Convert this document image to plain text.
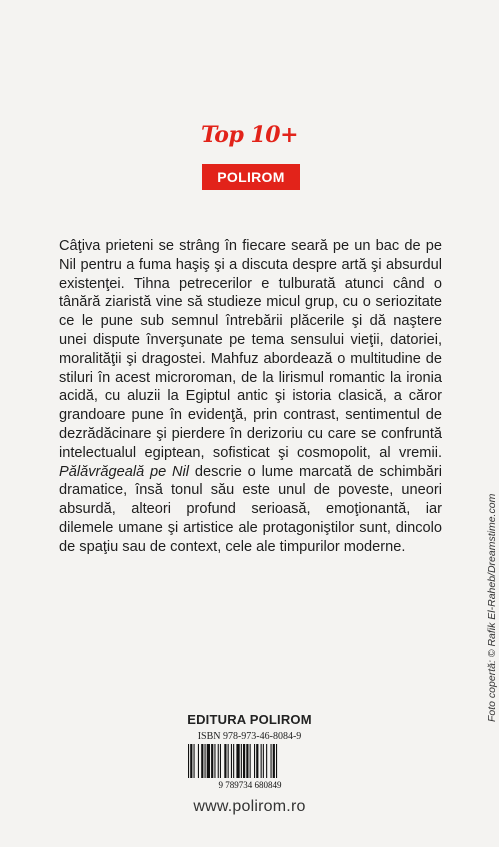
Top 10+
POLIROM

Câţiva prieteni se strâng în fiecare seară pe un bac de pe Nil pentru a fuma haşiş şi a discuta despre artă şi absurdul existenţei. Tihna petrecerilor e tulburată atunci când o tânără ziaristă vine să studieze micul grup, cu o seriozitate ce le pune sub semnul întrebării plăcerile şi dă naştere unei dispute înverşunate pe tema sensului vieţii, datoriei, moralităţii şi dragostei. Mahfuz abordează o multitudine de stiluri în acest microroman, de la lirismul romantic la ironia acidă, cu aluzii la Egiptul antic şi istoria clasică, a căror grandoare pune în evidenţă, prin contrast, sentimentul de dezrădăcinare şi pierdere în derizoriu cu care se confruntă intelectualul egiptean, sofisticat şi cosmopolit, al vremii. Pălăvrăgeală pe Nil descrie o lume marcată de schimbări dramatice, însă tonul său este unul de poveste, uneori absurdă, alteori profund serioasă, emoţionantă, iar dilemele umane şi artistice ale protagoniştilor sunt, dincolo de spaţiu sau de context, cele ale timpurilor moderne.

EDITURA POLIROM
ISBN 978-973-46-8084-9
9 789734 680849
www.polirom.ro
Foto copertă: © Rafik El-Raheb/Dreamstime.com
